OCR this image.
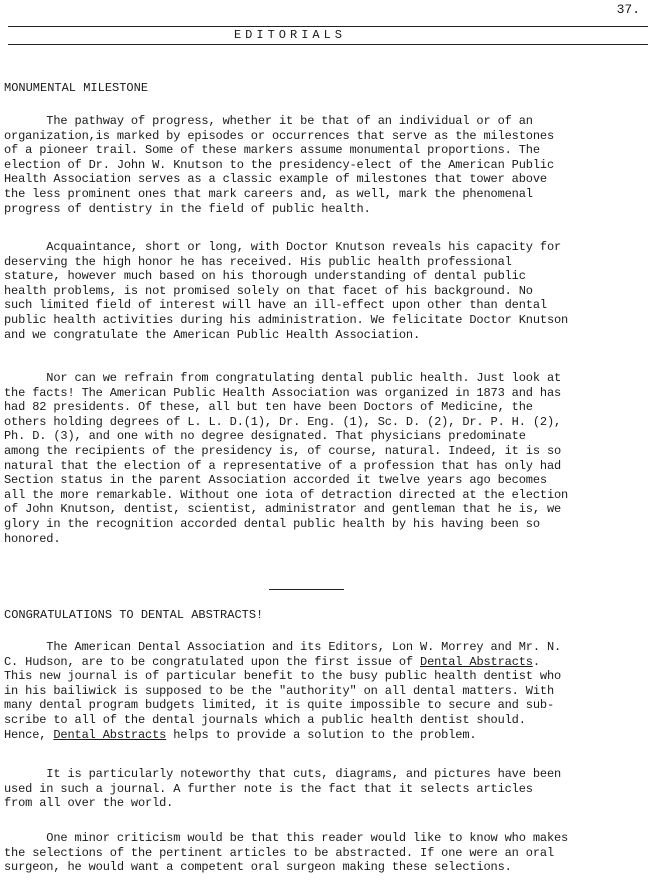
37.
EDITORIALS
MONUMENTAL MILESTONE
The pathway of progress, whether it be that of an individual or of an
organization,is marked by episodes or occurrences that serve as the milestones
of a pioneer trail. Some of these markers assume monumental proportions. The
election of Dr. John W. Knutson to the presidency-elect of the American Public
Health Association serves as a classic example of milestones that tower above
the less prominent ones that mark careers and, as well, mark the phenomenal
progress of dentistry in the field of public health.
Acquaintance, short or long, with Doctor Knutson reveals his capacity for
deserving the high honor he has received. His public health professional
stature, however much based on his thorough understanding of dental public
health problems, is not promised solely on that facet of his background. No
such limited field of interest will have an ill-effect upon other than dental
public health activities during his administration. We felicitate Doctor Knutson
and we congratulate the American Public Health Association.
Nor can we refrain from congratulating dental public health. Just look at
the facts! The American Public Health Association was organized in 1873 and has
had 82 presidents. Of these, all but ten have been Doctors of Medicine, the
others holding degrees of L. L. D.(1), Dr. Eng. (1), Sc. D. (2), Dr. P. H. (2),
Ph. D. (3), and one with no degree designated. That physicians predominate
among the recipients of the presidency is, of course, natural. Indeed, it is so
natural that the election of a representative of a profession that has only had
Section status in the parent Association accorded it twelve years ago becomes
all the more remarkable. Without one iota of detraction directed at the election
of John Knutson, dentist, scientist, administrator and gentleman that he is, we
glory in the recognition accorded dental public health by his having been so
honored.
CONGRATULATIONS TO DENTAL ABSTRACTS!
The American Dental Association and its Editors, Lon W. Morrey and Mr. N.
C. Hudson, are to be congratulated upon the first issue of Dental Abstracts.
This new journal is of particular benefit to the busy public health dentist who
in his bailiwick is supposed to be the "authority" on all dental matters. With
many dental program budgets limited, it is quite impossible to secure and sub-
scribe to all of the dental journals which a public health dentist should.
Hence, Dental Abstracts helps to provide a solution to the problem.
It is particularly noteworthy that cuts, diagrams, and pictures have been
used in such a journal. A further note is the fact that it selects articles
from all over the world.
One minor criticism would be that this reader would like to know who makes
the selections of the pertinent articles to be abstracted. If one were an oral
surgeon, he would want a competent oral surgeon making these selections.
